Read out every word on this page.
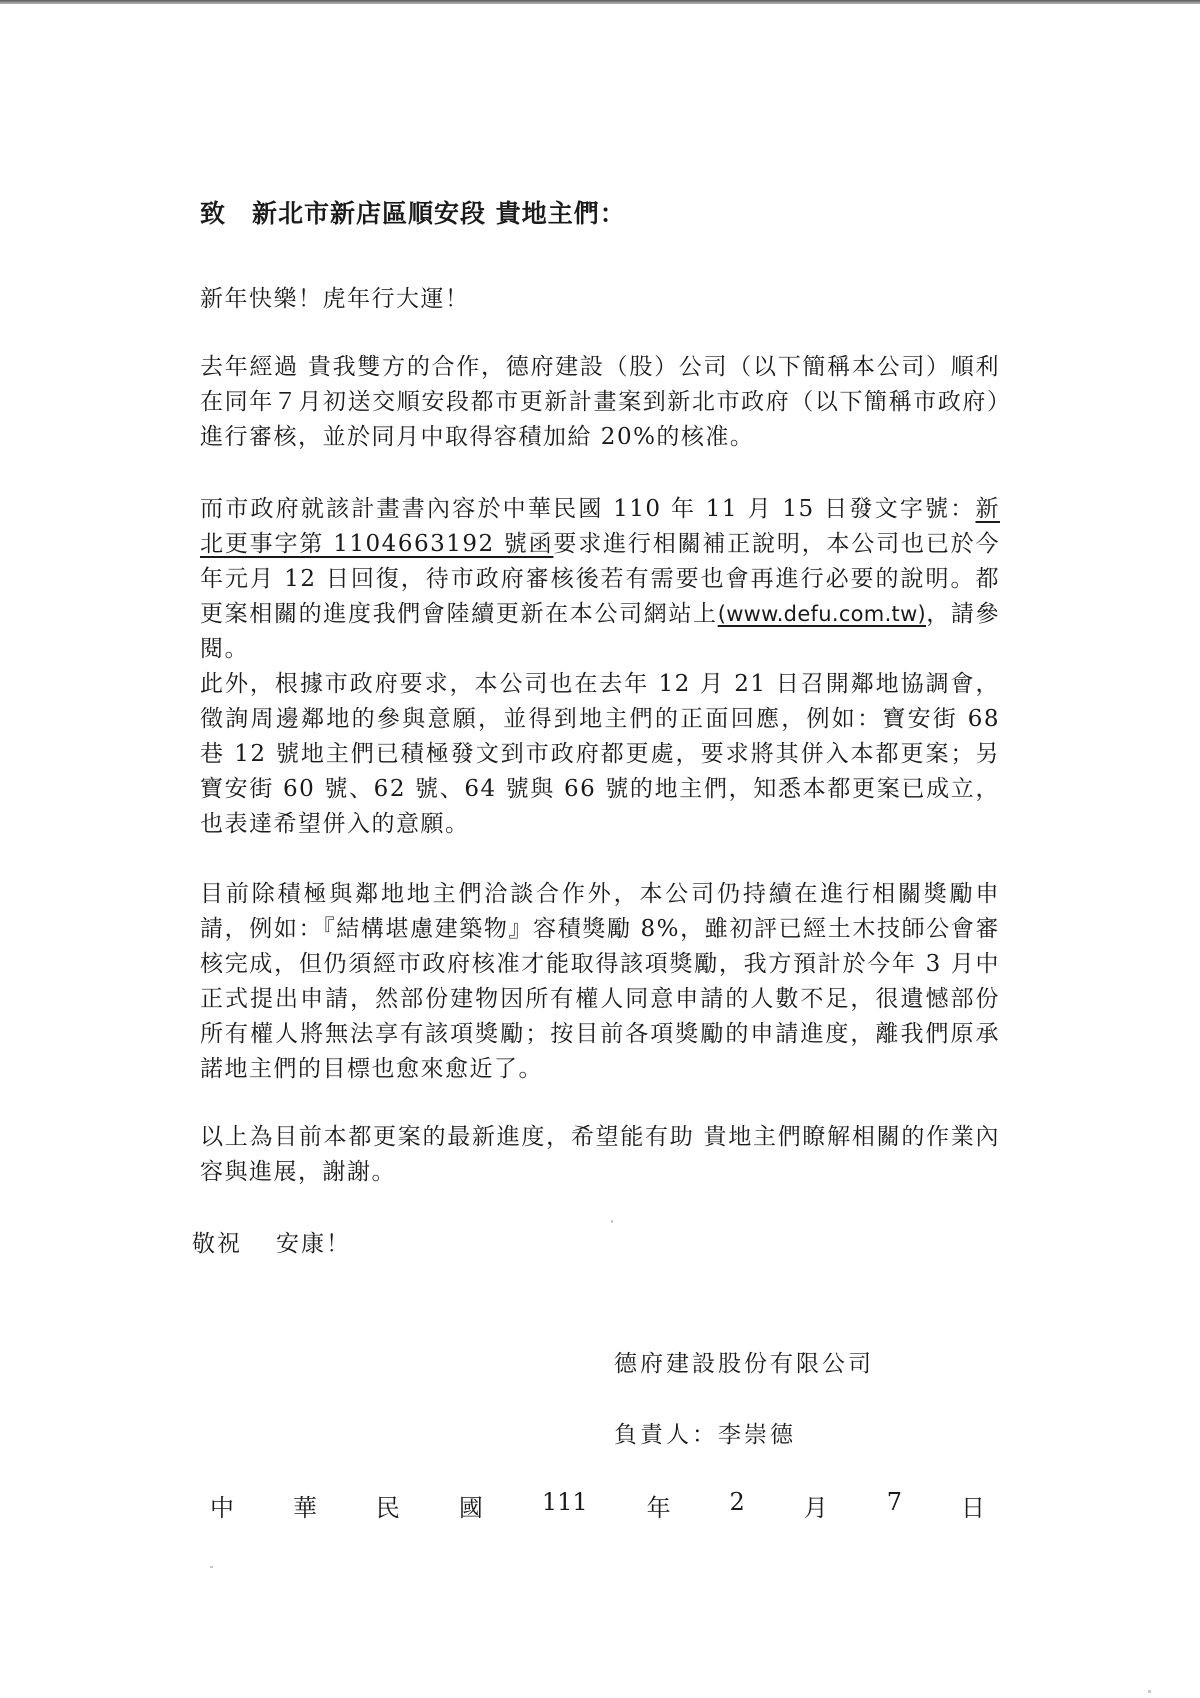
致 新北市新店區順安段 貴地主們：

新年快樂！虎年行大運！

去年經過 貴我雙方的合作，德府建設（股）公司（以下簡稱本公司）順利在同年７月初送交順安段都市更新計畫案到新北市政府（以下簡稱市政府）進行審核，並於同月中取得容積加給 20%的核准。

而市政府就該計畫書內容於中華民國 110 年 11 月 15 日發文字號：新北更事字第 1104663192 號函要求進行相關補正說明，本公司也已於今年元月 12 日回復，待市政府審核後若有需要也會再進行必要的說明。都更案相關的進度我們會陸續更新在本公司網站上(www.defu.com.tw)，請參閱。

此外，根據市政府要求，本公司也在去年 12 月 21 日召開鄰地協調會，徵詢周邊鄰地的參與意願，並得到地主們的正面回應，例如：寶安街 68 巷 12 號地主們已積極發文到市政府都更處，要求將其併入本都更案；另寶安街 60 號、62 號、64 號與 66 號的地主們，知悉本都更案已成立，也表達希望併入的意願。

目前除積極與鄰地地主們洽談合作外，本公司仍持續在進行相關獎勵申請，例如：『結構堪慮建築物』容積獎勵 8%，雖初評已經土木技師公會審核完成，但仍須經市政府核准才能取得該項獎勵，我方預計於今年 3 月中正式提出申請，然部份建物因所有權人同意申請的人數不足，很遺憾部份所有權人將無法享有該項獎勵；按目前各項獎勵的申請進度，離我們原承諾地主們的目標也愈來愈近了。

以上為目前本都更案的最新進度，希望能有助 貴地主們瞭解相關的作業內容與進展，謝謝。

敬祝 安康！
德府建設股份有限公司
負責人：李崇德
中 華 民 國 111 年 2 月 7 日
